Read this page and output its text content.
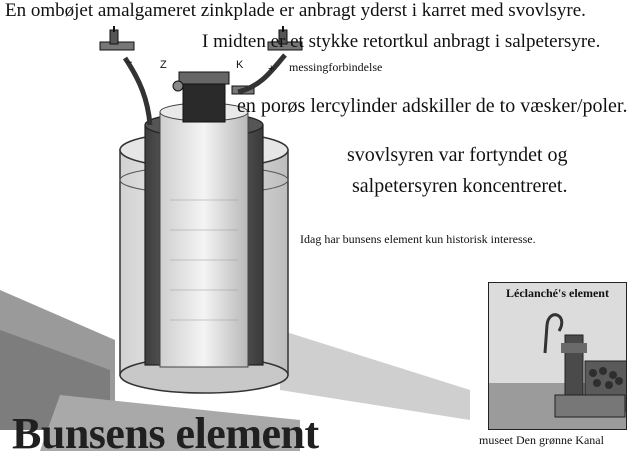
–	Z	K +
En ombøjet amalgameret zinkplade er anbragt yderst i karret med svovlsyre.
I midten er et stykke retortkul anbragt i salpetersyre.
messingforbindelse
en porøs lercylinder adskiller de to væsker/poler.
svovlsyren var fortyndet og
salpetersyren koncentreret.
Idag har bunsens element kun historisk interesse.
Léclanché's element
Bunsens element	museet Den grønne Kanal
